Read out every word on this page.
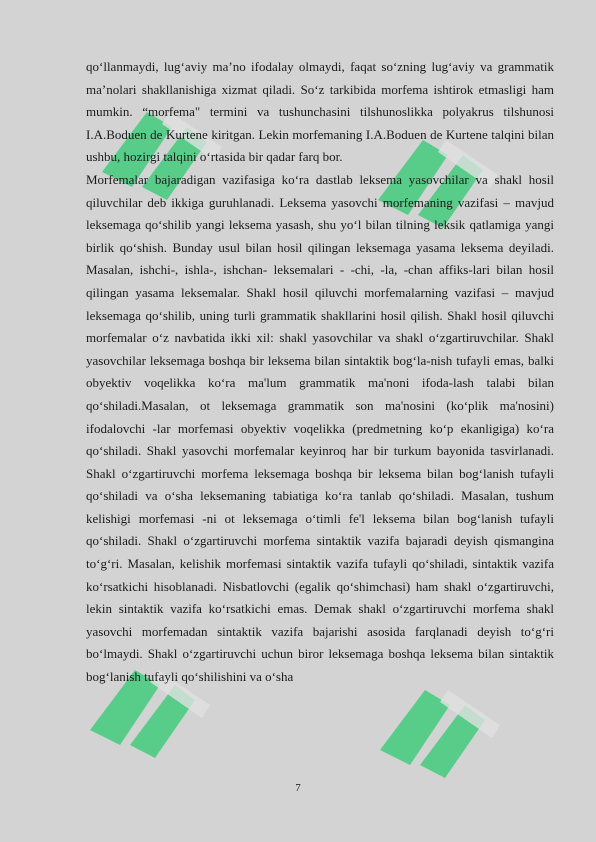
qo‘llanmaydi, lug‘aviy ma’no ifodalay olmaydi, faqat so‘zning lug‘aviy va grammatik ma’nolari shakllanishiga xizmat qiladi. So‘z tarkibida morfema ishtirok etmasligi ham mumkin. “morfema" termini va tushunchasini tilshunoslikka polyakrus tilshunosi I.A.Boduen de Kurtene kiritgan. Lekin morfemaning I.A.Boduen de Kurtene talqini bilan ushbu, hozirgi talqini o‘rtasida bir qadar farq bor.

Morfemalar bajaradigan vazifasiga ko‘ra dastlab leksema yasovchilar va shakl hosil qiluvchilar deb ikkiga guruhlanadi. Leksema yasovchi morfemaning vazifasi – mavjud leksemaga qo‘shilib yangi leksema yasash, shu yo‘l bilan tilning leksik qatlamiga yangi birlik qo‘shish. Bunday usul bilan hosil qilingan leksemaga yasama leksema deyiladi. Masalan, ishchi-, ishla-, ishchan- leksemalari - -chi, -la, -chan affiks-lari bilan hosil qilingan yasama leksemalar. Shakl hosil qiluvchi morfemalarning vazifasi – mavjud leksemaga qo‘shilib, uning turli grammatik shakllarini hosil qilish. Shakl hosil qiluvchi morfemalar o‘z navbatida ikki xil: shakl yasovchilar va shakl o‘zgartiruvchilar. Shakl yasovchilar leksemaga boshqa bir leksema bilan sintaktik bog‘la-nish tufayli emas, balki obyektiv voqelikka ko‘ra ma'lum grammatik ma'noni ifoda-lash talabi bilan qo‘shiladi.Masalan, ot leksemaga grammatik son ma'nosini (ko‘plik ma'nosini) ifodalovchi -lar morfemasi obyektiv voqelikka (predmetning ko‘p ekanligiga) ko‘ra qo‘shiladi. Shakl yasovchi morfemalar keyinroq har bir turkum bayonida tasvirlanadi. Shakl o‘zgartiruvchi morfema leksemaga boshqa bir leksema bilan bog‘lanish tufayli qo‘shiladi va o‘sha leksemaning tabiatiga ko‘ra tanlab qo‘shiladi. Masalan, tushum kelishigi morfemasi -ni ot leksemaga o‘timli fe'l leksema bilan bog‘lanish tufayli qo‘shiladi. Shakl o‘zgartiruvchi morfema sintaktik vazifa bajaradi deyish qismangina to‘g‘ri. Masalan, kelishik morfemasi sintaktik vazifa tufayli qo‘shiladi, sintaktik vazifa ko‘rsatkichi hisoblanadi. Nisbatlovchi (egalik qo‘shimchasi) ham shakl o‘zgartiruvchi, lekin sintaktik vazifa ko‘rsatkichi emas. Demak shakl o‘zgartiruvchi morfema shakl yasovchi morfemadan sintaktik vazifa bajarishi asosida farqlanadi deyish to‘g‘ri bo‘lmaydi. Shakl o‘zgartiruvchi uchun biror leksemaga boshqa leksema bilan sintaktik bog‘lanish tufayli qo‘shilishini va o‘sha

7
